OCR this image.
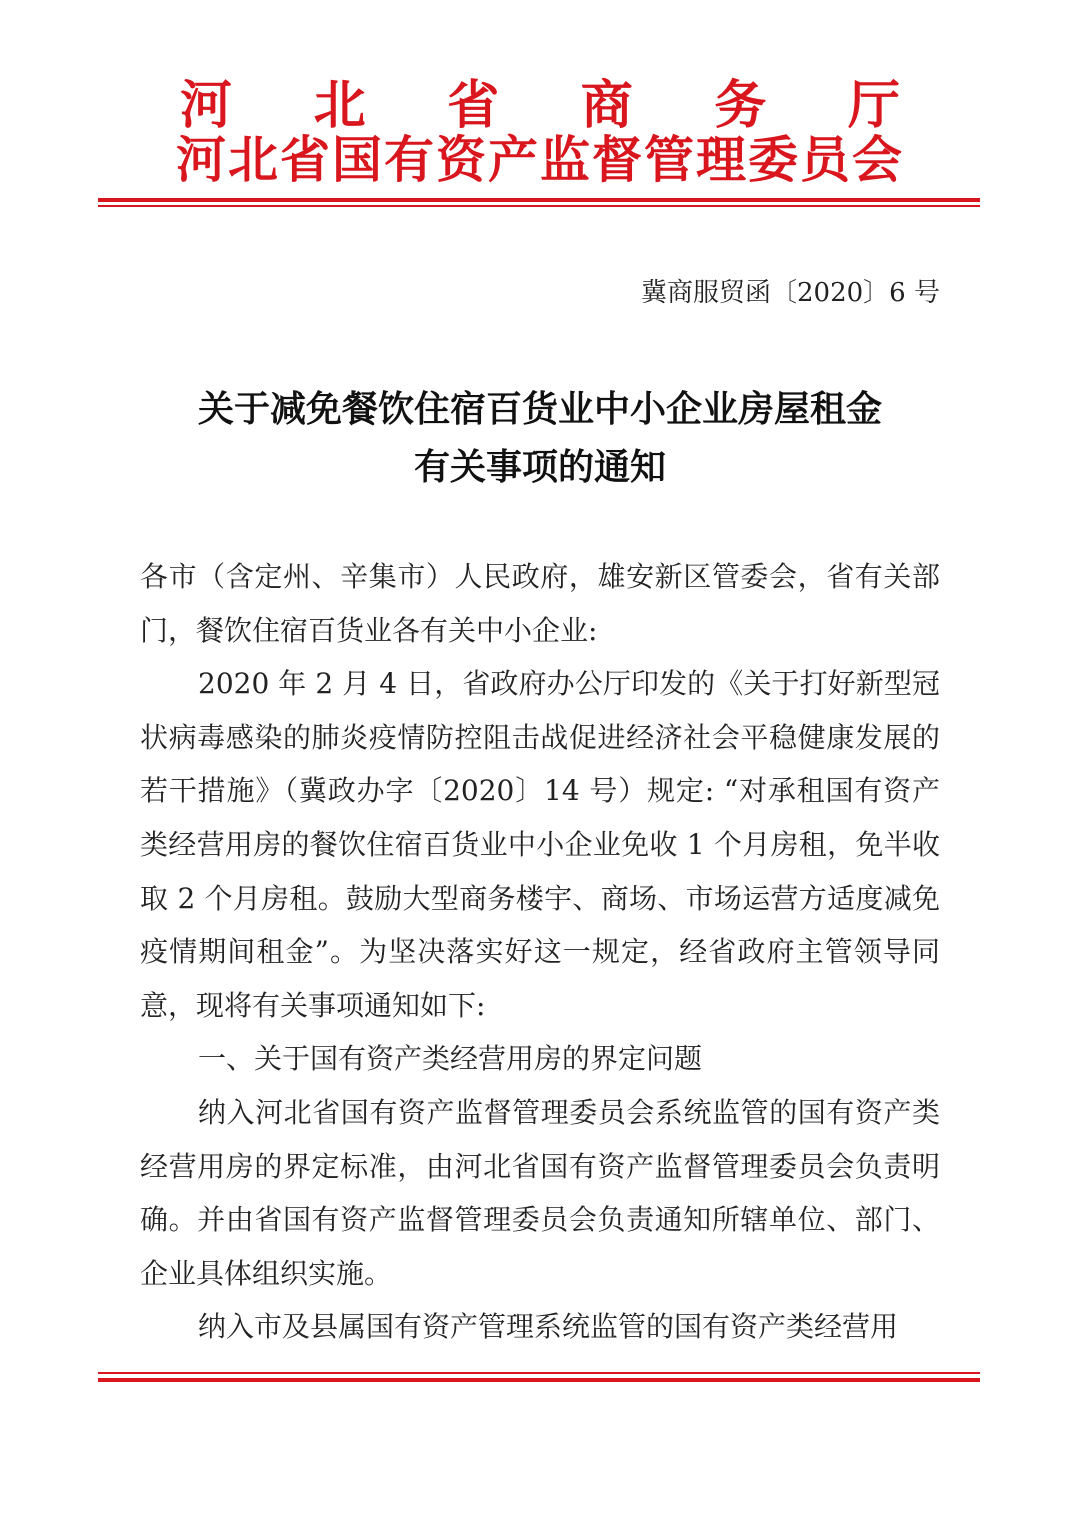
河 北 省 商 务 厅
河北省国有资产监督管理委员会
冀商服贸函〔2020〕6 号
关于减免餐饮住宿百货业中小企业房屋租金
有关事项的通知

各市（含定州、辛集市）人民政府，雄安新区管委会，省有关部门，餐饮住宿百货业各有关中小企业:

2020 年 2 月 4 日，省政府办公厅印发的《关于打好新型冠状病毒感染的肺炎疫情防控阻击战促进经济社会平稳健康发展的若干措施》（冀政办字〔2020〕14 号）规定: “对承租国有资产类经营用房的餐饮住宿百货业中小企业免收 1 个月房租，免半收取 2 个月房租。鼓励大型商务楼宇、商场、市场运营方适度减免疫情期间租金”。为坚决落实好这一规定，经省政府主管领导同意，现将有关事项通知如下:

一、关于国有资产类经营用房的界定问题

纳入河北省国有资产监督管理委员会系统监管的国有资产类经营用房的界定标准，由河北省国有资产监督管理委员会负责明确。并由省国有资产监督管理委员会负责通知所辖单位、部门、企业具体组织实施。

纳入市及县属国有资产管理系统监管的国有资产类经营用
